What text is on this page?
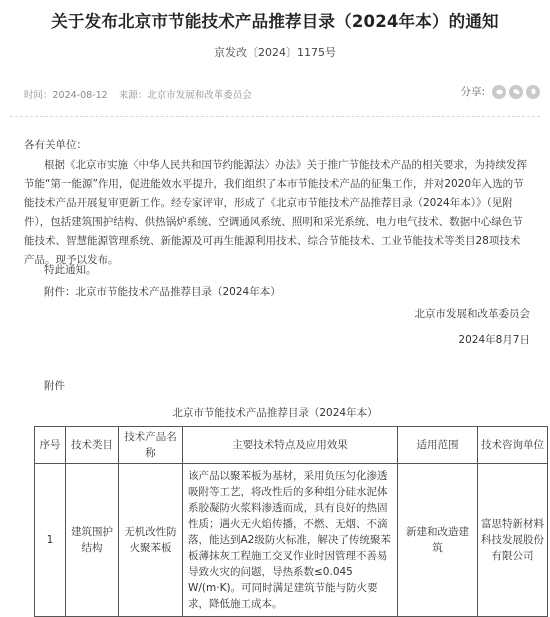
关于发布北京市节能技术产品推荐目录（2024年本）的通知
京发改〔2024〕1175号
时间：2024-08-12 来源：北京市发展和改革委员会	分享:
各有关单位：
根据《北京市实施〈中华人民共和国节约能源法〉办法》关于推广节能技术产品的相关要求，为持续发挥节能“第一能源”作用，促进能效水平提升，我们组织了本市节能技术产品的征集工作，并对2020年入选的节能技术产品开展复审更新工作。经专家评审，形成了《北京市节能技术产品推荐目录（2024年本）》（见附件），包括建筑围护结构、供热锅炉系统、空调通风系统、照明和采光系统、电力电气技术、数据中心绿色节能技术、智慧能源管理系统、新能源及可再生能源利用技术、综合节能技术、工业节能技术等类目28项技术产品。现予以发布。
特此通知。
附件：北京市节能技术产品推荐目录（2024年本）
北京市发展和改革委员会
2024年8月7日
附件
北京市节能技术产品推荐目录（2024年本）
序号	技术类目	技术产品名称	主要技术特点及应用效果	适用范围	技术咨询单位
1	建筑围护结构	无机改性防火聚苯板	该产品以聚苯板为基材，采用负压匀化渗透吸附等工艺，将改性后的多种组分硅水泥体系胶凝防火浆料渗透而成，具有良好的热固性质；遇火无火焰传播，不燃、无烟、不滴落，能达到A2级防火标准，解决了传统聚苯板薄抹灰工程施工交叉作业时因管理不善易导致火灾的问题，导热系数≤0.045 W/(m·K)。可同时满足建筑节能与防火要求，降低施工成本。	新建和改造建筑	富思特新材料科技发展股份有限公司
